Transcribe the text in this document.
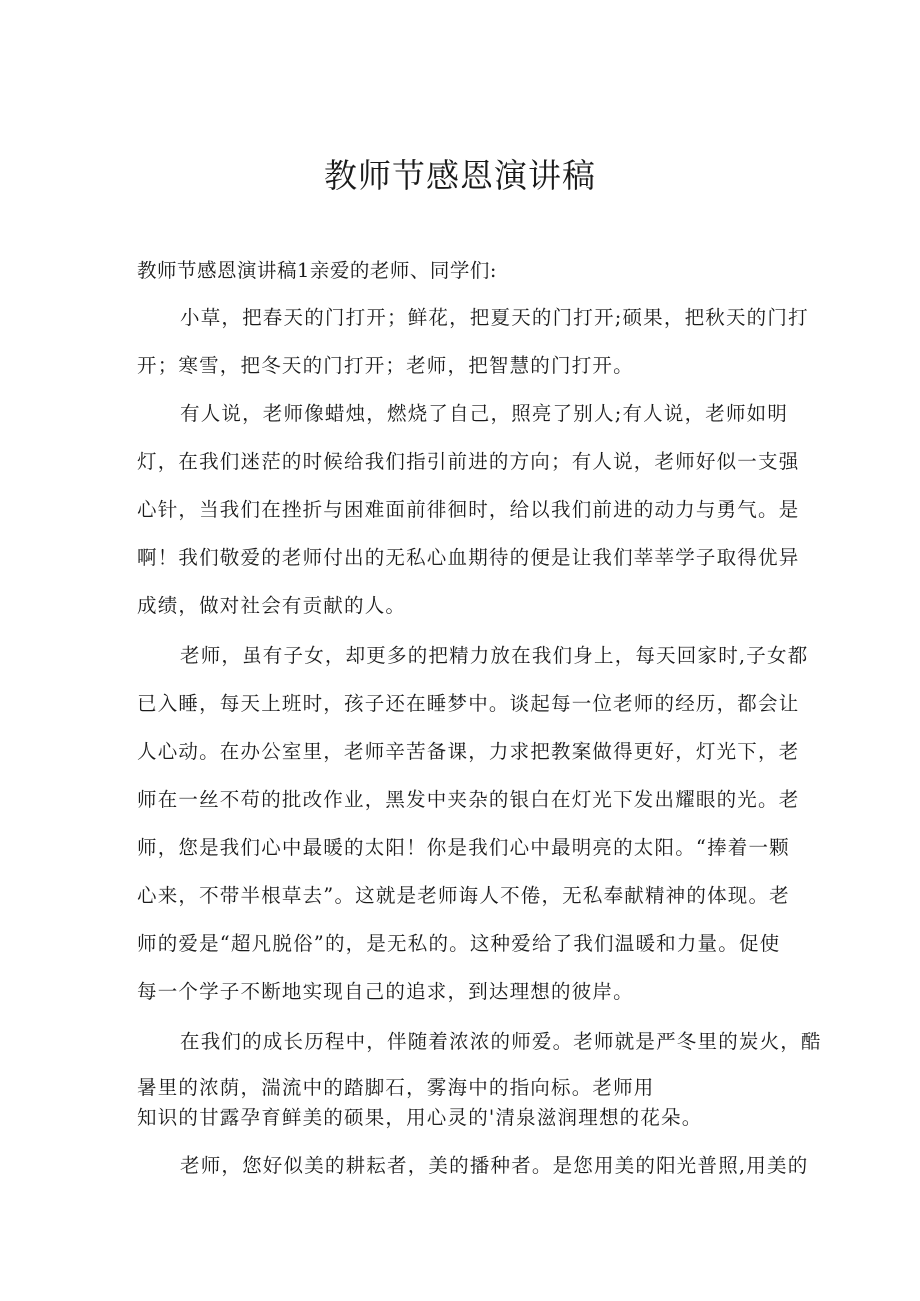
教师节感恩演讲稿

教师节感恩演讲稿1亲爱的老师、同学们:

小草，把春天的门打开；鲜花，把夏天的门打开;硕果，把秋天的门打

开；寒雪，把冬天的门打开；老师，把智慧的门打开。

有人说，老师像蜡烛，燃烧了自己，照亮了别人;有人说，老师如明

灯，在我们迷茫的时候给我们指引前进的方向；有人说，老师好似一支强

心针，当我们在挫折与困难面前徘徊时，给以我们前进的动力与勇气。是

啊！我们敬爱的老师付出的无私心血期待的便是让我们莘莘学子取得优异

成绩，做对社会有贡献的人。

老师，虽有子女，却更多的把精力放在我们身上，每天回家时,子女都

已入睡，每天上班时，孩子还在睡梦中。谈起每一位老师的经历，都会让

人心动。在办公室里，老师辛苦备课，力求把教案做得更好，灯光下，老

师在一丝不苟的批改作业，黑发中夹杂的银白在灯光下发出耀眼的光。老

师，您是我们心中最暖的太阳！你是我们心中最明亮的太阳。“捧着一颗

心来，不带半根草去”。这就是老师诲人不倦，无私奉献精神的体现。老

师的爱是“超凡脱俗”的，是无私的。这种爱给了我们温暖和力量。促使

每一个学子不断地实现自己的追求，到达理想的彼岸。

在我们的成长历程中，伴随着浓浓的师爱。老师就是严冬里的炭火，酷

暑里的浓荫，湍流中的踏脚石，雾海中的指向标。老师用

知识的甘露孕育鲜美的硕果，用心灵的'清泉滋润理想的花朵。

老师，您好似美的耕耘者，美的播种者。是您用美的阳光普照,用美的
